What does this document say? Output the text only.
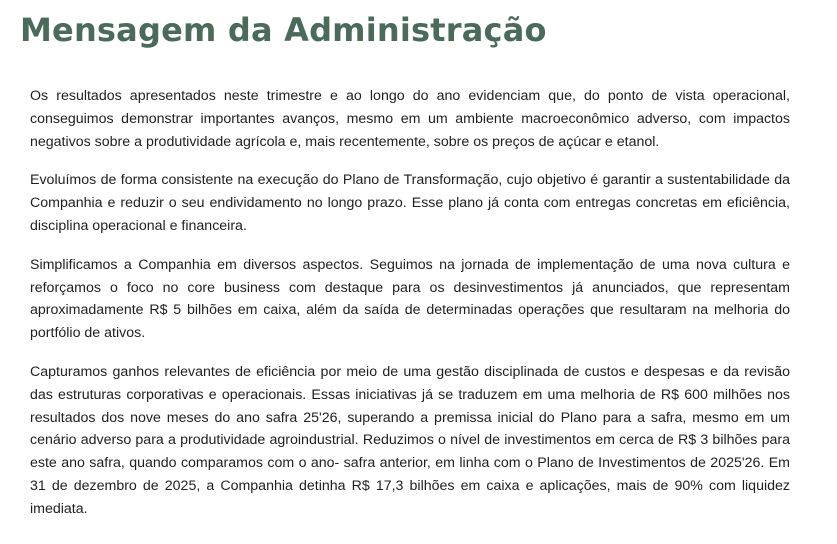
Mensagem da Administração

Os resultados apresentados neste trimestre e ao longo do ano evidenciam que, do ponto de vista operacional, conseguimos demonstrar importantes avanços, mesmo em um ambiente macroeconômico adverso, com impactos negativos sobre a produtividade agrícola e, mais recentemente, sobre os preços de açúcar e etanol.

Evoluímos de forma consistente na execução do Plano de Transformação, cujo objetivo é garantir a sustentabilidade da Companhia e reduzir o seu endividamento no longo prazo. Esse plano já conta com entregas concretas em eficiência, disciplina operacional e financeira.

Simplificamos a Companhia em diversos aspectos. Seguimos na jornada de implementação de uma nova cultura e reforçamos o foco no core business com destaque para os desinvestimentos já anunciados, que representam aproximadamente R$ 5 bilhões em caixa, além da saída de determinadas operações que resultaram na melhoria do portfólio de ativos.

Capturamos ganhos relevantes de eficiência por meio de uma gestão disciplinada de custos e despesas e da revisão das estruturas corporativas e operacionais. Essas iniciativas já se traduzem em uma melhoria de R$ 600 milhões nos resultados dos nove meses do ano safra 25'26, superando a premissa inicial do Plano para a safra, mesmo em um cenário adverso para a produtividade agroindustrial. Reduzimos o nível de investimentos em cerca de R$ 3 bilhões para este ano safra, quando comparamos com o ano- safra anterior, em linha com o Plano de Investimentos de 2025'26. Em 31 de dezembro de 2025, a Companhia detinha R$ 17,3 bilhões em caixa e aplicações, mais de 90% com liquidez imediata.
